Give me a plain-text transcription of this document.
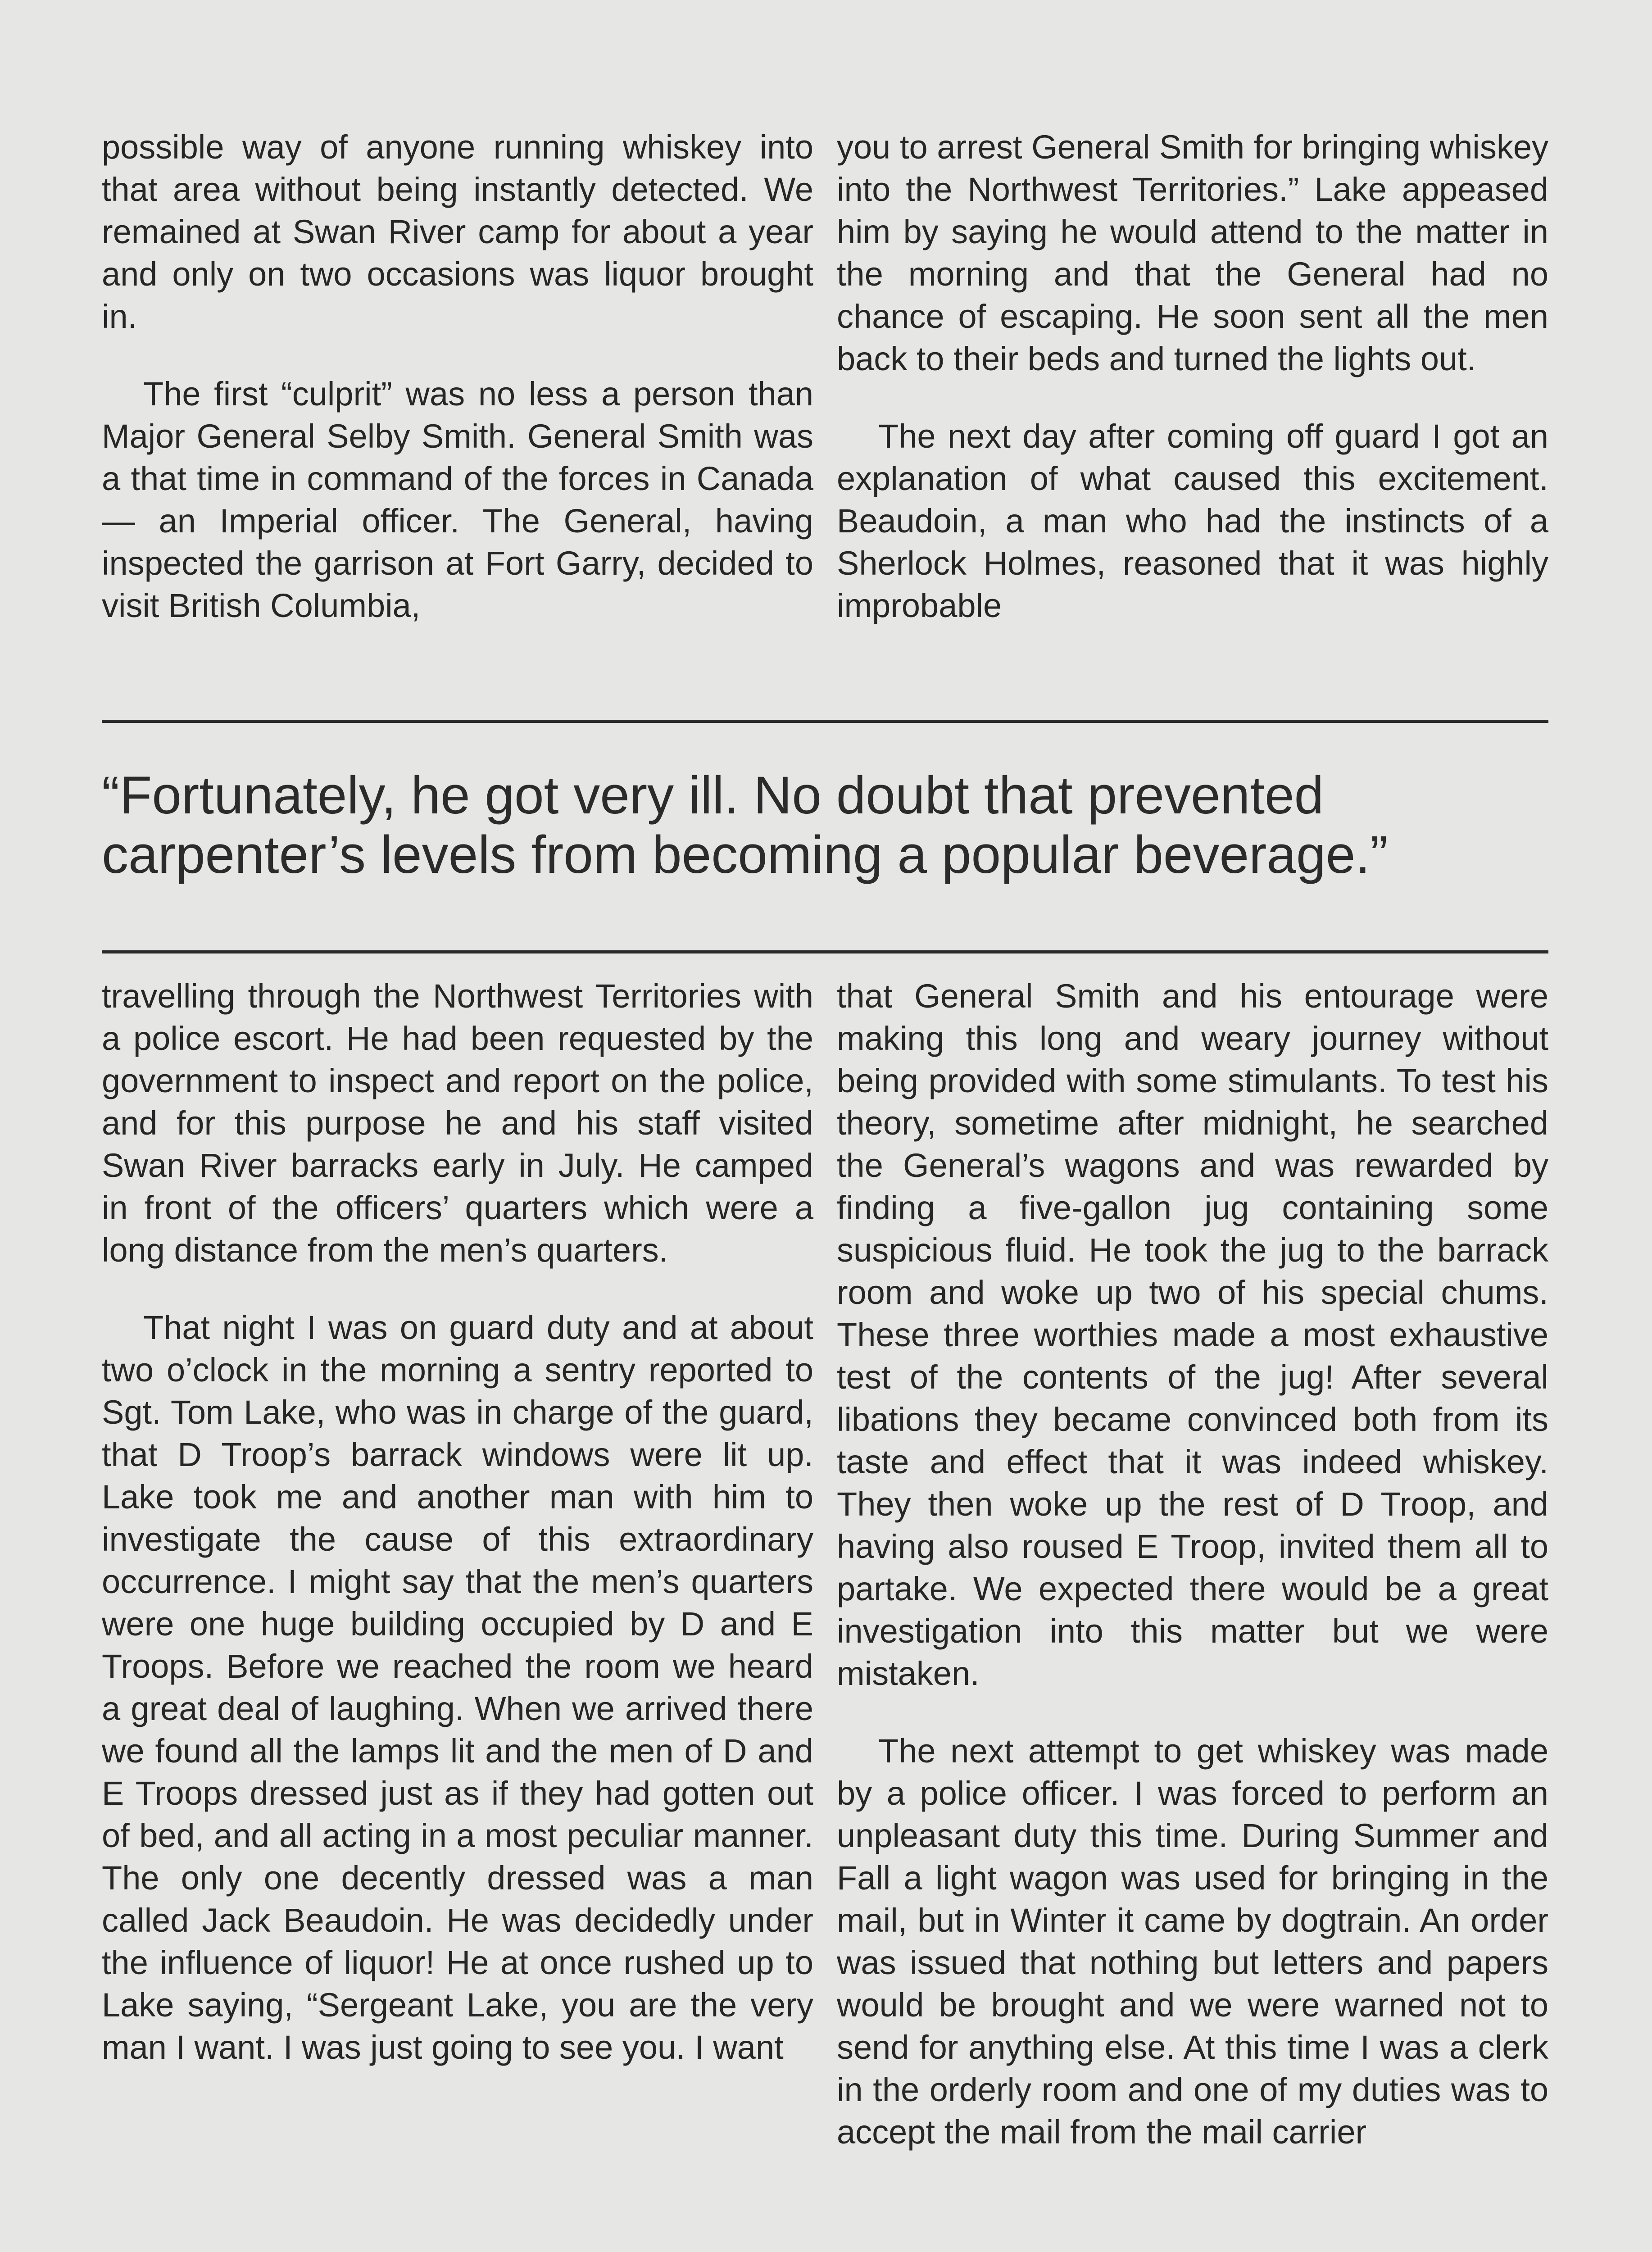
possible way of anyone running whiskey into that area without being instantly detected. We remained at Swan River camp for about a year and only on two occasions was liquor brought in.

The first “culprit” was no less a person than Major General Selby Smith. General Smith was a that time in command of the forces in Canada — an Imperial officer. The General, having inspected the garrison at Fort Garry, decided to visit British Columbia,

you to arrest General Smith for bringing whiskey into the Northwest Territories.” Lake appeased him by saying he would attend to the matter in the morning and that the General had no chance of escaping. He soon sent all the men back to their beds and turned the lights out.

The next day after coming off guard I got an explanation of what caused this excitement. Beaudoin, a man who had the instincts of a Sherlock Holmes, reasoned that it was highly improbable

“Fortunately, he got very ill. No doubt that prevented carpenter’s levels from becoming a popular beverage.”

travelling through the Northwest Territories with a police escort. He had been requested by the government to inspect and report on the police, and for this purpose he and his staff visited Swan River barracks early in July. He camped in front of the officers’ quarters which were a long distance from the men’s quarters.

That night I was on guard duty and at about two o’clock in the morning a sentry reported to Sgt. Tom Lake, who was in charge of the guard, that D Troop’s barrack windows were lit up. Lake took me and another man with him to investigate the cause of this extraordinary occurrence. I might say that the men’s quarters were one huge building occupied by D and E Troops. Before we reached the room we heard a great deal of laughing. When we arrived there we found all the lamps lit and the men of D and E Troops dressed just as if they had gotten out of bed, and all acting in a most peculiar manner. The only one decently dressed was a man called Jack Beaudoin. He was decidedly under the influence of liquor! He at once rushed up to Lake saying, “Sergeant Lake, you are the very man I want. I was just going to see you. I want

that General Smith and his entourage were making this long and weary journey without being provided with some stimulants. To test his theory, sometime after midnight, he searched the General’s wagons and was rewarded by finding a five-gallon jug containing some suspicious fluid. He took the jug to the barrack room and woke up two of his special chums. These three worthies made a most exhaustive test of the contents of the jug! After several libations they became convinced both from its taste and effect that it was indeed whiskey. They then woke up the rest of D Troop, and having also roused E Troop, invited them all to partake. We expected there would be a great investigation into this matter but we were mistaken.

The next attempt to get whiskey was made by a police officer. I was forced to perform an unpleasant duty this time. During Summer and Fall a light wagon was used for bringing in the mail, but in Winter it came by dogtrain. An order was issued that nothing but letters and papers would be brought and we were warned not to send for anything else. At this time I was a clerk in the orderly room and one of my duties was to accept the mail from the mail carrier
